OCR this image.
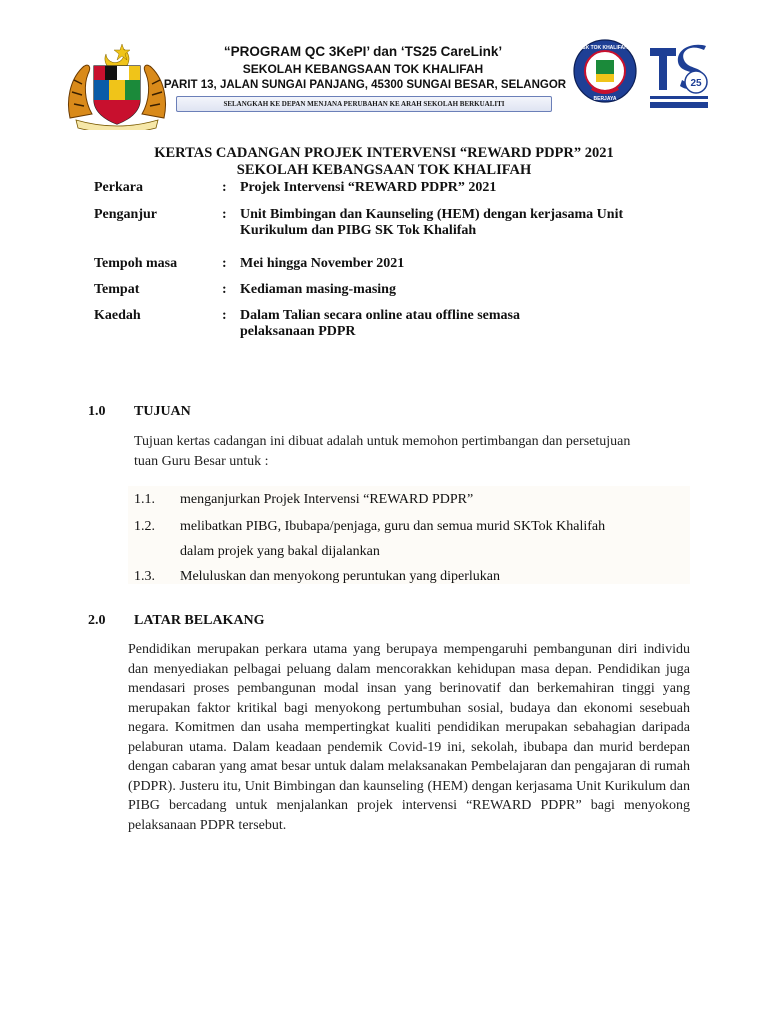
“PROGRAM QC 3KePI’ dan ‘TS25 CareLink’
SEKOLAH KEBANGSAAN TOK KHALIFAH
PARIT 13, JALAN SUNGAI PANJANG, 45300 SUNGAI BESAR, SELANGOR
SELANGKAH KE DEPAN MENJANA PERUBAHAN KE ARAH SEKOLAH BERKUALITI
SK TOK KHALIFAH
BERJAYA
25
KERTAS CADANGAN PROJEK INTERVENSI “REWARD PDPR” 2021
SEKOLAH KEBANGSAAN TOK KHALIFAH
Perkara	: Projek Intervensi “REWARD PDPR” 2021
Penganjur	: Unit Bimbingan dan Kaunseling (HEM) dengan kerjasama Unit Kurikulum dan PIBG SK Tok Khalifah
Tempoh masa	: Mei hingga November 2021
Tempat	: Kediaman masing-masing
Kaedah	: Dalam Talian secara online atau offline semasa pelaksanaan PDPR
1.0 TUJUAN
Tujuan kertas cadangan ini dibuat adalah untuk memohon pertimbangan dan persetujuan
tuan Guru Besar untuk :
1.1. menganjurkan Projek Intervensi “REWARD PDPR”
1.2. melibatkan PIBG, Ibubapa/penjaga, guru dan semua murid SKTok Khalifah
dalam projek yang bakal dijalankan
1.3. Meluluskan dan menyokong peruntukan yang diperlukan
2.0 LATAR BELAKANG
Pendidikan merupakan perkara utama yang berupaya mempengaruhi pembangunan diri individu dan menyediakan pelbagai peluang dalam mencorakkan kehidupan masa depan. Pendidikan juga mendasari proses pembangunan modal insan yang berinovatif dan berkemahiran tinggi yang merupakan faktor kritikal bagi menyokong pertumbuhan sosial, budaya dan ekonomi sesebuah negara. Komitmen dan usaha mempertingkat kualiti pendidikan merupakan sebahagian daripada pelaburan utama. Dalam keadaan pendemik Covid-19 ini, sekolah, ibubapa dan murid berdepan dengan cabaran yang amat besar untuk dalam melaksanakan Pembelajaran dan pengajaran di rumah (PDPR). Justeru itu, Unit Bimbingan dan kaunseling (HEM) dengan kerjasama Unit Kurikulum dan PIBG bercadang untuk menjalankan projek intervensi “REWARD PDPR” bagi menyokong pelaksanaan PDPR tersebut.
